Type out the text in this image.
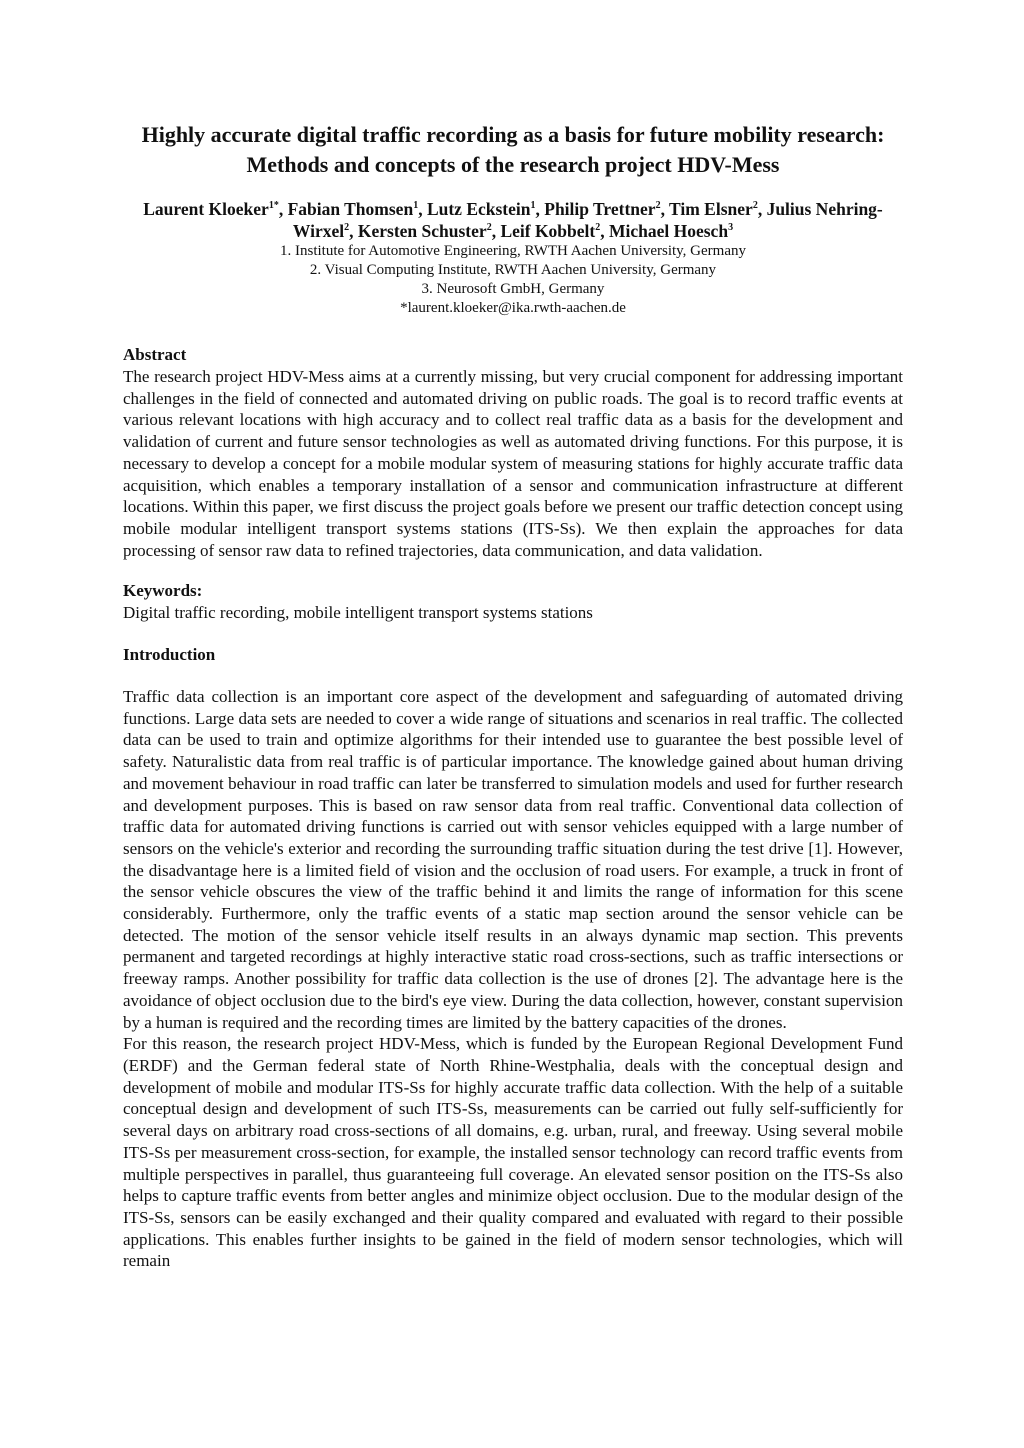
Highly accurate digital traffic recording as a basis for future mobility research: Methods and concepts of the research project HDV-Mess

Laurent Kloeker$^{1*}$, Fabian Thomsen$^1$, Lutz Eckstein$^1$, Philip Trettner$^2$, Tim Elsner$^2$, Julius Nehring-Wirxel$^2$, Kersten Schuster$^2$, Leif Kobbelt$^2$, Michael Hoesch$^3$

1. Institute for Automotive Engineering, RWTH Aachen University, Germany

2. Visual Computing Institute, RWTH Aachen University, Germany

3. Neurosoft GmbH, Germany

*laurent.kloeker@ika.rwth-aachen.de

Abstract

The research project HDV-Mess aims at a currently missing, but very crucial component for addressing important challenges in the field of connected and automated driving on public roads. The goal is to record traffic events at various relevant locations with high accuracy and to collect real traffic data as a basis for the development and validation of current and future sensor technologies as well as automated driving functions. For this purpose, it is necessary to develop a concept for a mobile modular system of measuring stations for highly accurate traffic data acquisition, which enables a temporary installation of a sensor and communication infrastructure at different locations. Within this paper, we first discuss the project goals before we present our traffic detection concept using mobile modular intelligent transport systems stations (ITS-Ss). We then explain the approaches for data processing of sensor raw data to refined trajectories, data communication, and data validation.

Keywords:

Digital traffic recording, mobile intelligent transport systems stations

Introduction

Traffic data collection is an important core aspect of the development and safeguarding of automated driving functions. Large data sets are needed to cover a wide range of situations and scenarios in real traffic. The collected data can be used to train and optimize algorithms for their intended use to guarantee the best possible level of safety. Naturalistic data from real traffic is of particular importance. The knowledge gained about human driving and movement behaviour in road traffic can later be transferred to simulation models and used for further research and development purposes. This is based on raw sensor data from real traffic. Conventional data collection of traffic data for automated driving functions is carried out with sensor vehicles equipped with a large number of sensors on the vehicle's exterior and recording the surrounding traffic situation during the test drive [1]. However, the disadvantage here is a limited field of vision and the occlusion of road users. For example, a truck in front of the sensor vehicle obscures the view of the traffic behind it and limits the range of information for this scene considerably. Furthermore, only the traffic events of a static map section around the sensor vehicle can be detected. The motion of the sensor vehicle itself results in an always dynamic map section. This prevents permanent and targeted recordings at highly interactive static road cross-sections, such as traffic intersections or freeway ramps. Another possibility for traffic data collection is the use of drones [2]. The advantage here is the avoidance of object occlusion due to the bird's eye view. During the data collection, however, constant supervision by a human is required and the recording times are limited by the battery capacities of the drones.

For this reason, the research project HDV-Mess, which is funded by the European Regional Development Fund (ERDF) and the German federal state of North Rhine-Westphalia, deals with the conceptual design and development of mobile and modular ITS-Ss for highly accurate traffic data collection. With the help of a suitable conceptual design and development of such ITS-Ss, measurements can be carried out fully self-sufficiently for several days on arbitrary road cross-sections of all domains, e.g. urban, rural, and freeway. Using several mobile ITS-Ss per measurement cross-section, for example, the installed sensor technology can record traffic events from multiple perspectives in parallel, thus guaranteeing full coverage. An elevated sensor position on the ITS-Ss also helps to capture traffic events from better angles and minimize object occlusion. Due to the modular design of the ITS-Ss, sensors can be easily exchanged and their quality compared and evaluated with regard to their possible applications. This enables further insights to be gained in the field of modern sensor technologies, which will remain
